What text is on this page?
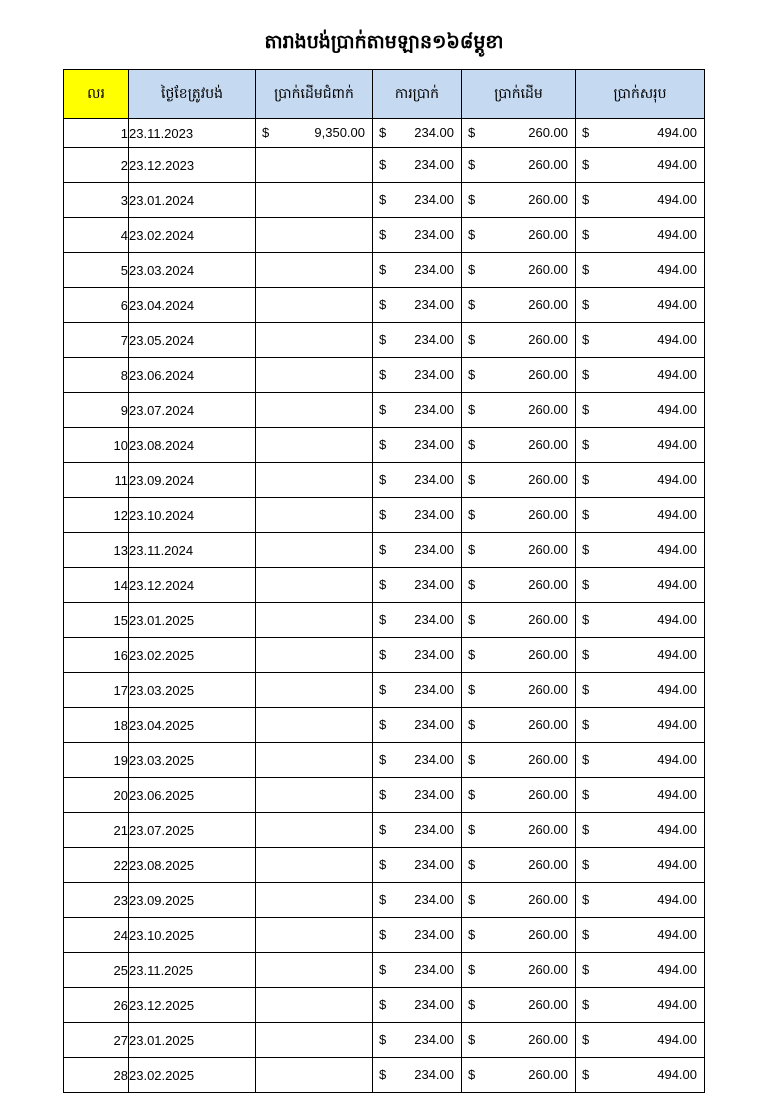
តារាងបង់ប្រាក់តាមឡាន១៦៨ម្តូខា
លរ	ថ្ងៃខែត្រូវបង់	ប្រាក់ដើមជំពាក់	ការប្រាក់	ប្រាក់ដើម	ប្រាក់សរុប
1	23.11.2023	$ 9,350.00	$ 234.00	$ 260.00	$ 494.00

2	23.12.2023		$ 234.00	$ 260.00	$ 494.00

3	23.01.2024		$ 234.00	$ 260.00	$ 494.00

4	23.02.2024		$ 234.00	$ 260.00	$ 494.00

5	23.03.2024		$ 234.00	$ 260.00	$ 494.00

6	23.04.2024		$ 234.00	$ 260.00	$ 494.00

7	23.05.2024		$ 234.00	$ 260.00	$ 494.00

8	23.06.2024		$ 234.00	$ 260.00	$ 494.00

9	23.07.2024		$ 234.00	$ 260.00	$ 494.00

10	23.08.2024		$ 234.00	$ 260.00	$ 494.00

11	23.09.2024		$ 234.00	$ 260.00	$ 494.00

12	23.10.2024		$ 234.00	$ 260.00	$ 494.00

13	23.11.2024		$ 234.00	$ 260.00	$ 494.00

14	23.12.2024		$ 234.00	$ 260.00	$ 494.00

15	23.01.2025		$ 234.00	$ 260.00	$ 494.00

16	23.02.2025		$ 234.00	$ 260.00	$ 494.00

17	23.03.2025		$ 234.00	$ 260.00	$ 494.00

18	23.04.2025		$ 234.00	$ 260.00	$ 494.00

19	23.03.2025		$ 234.00	$ 260.00	$ 494.00

20	23.06.2025		$ 234.00	$ 260.00	$ 494.00

21	23.07.2025		$ 234.00	$ 260.00	$ 494.00

22	23.08.2025		$ 234.00	$ 260.00	$ 494.00

23	23.09.2025		$ 234.00	$ 260.00	$ 494.00

24	23.10.2025		$ 234.00	$ 260.00	$ 494.00

25	23.11.2025		$ 234.00	$ 260.00	$ 494.00

26	23.12.2025		$ 234.00	$ 260.00	$ 494.00

27	23.01.2025		$ 234.00	$ 260.00	$ 494.00

28	23.02.2025		$ 234.00	$ 260.00	$ 494.00
